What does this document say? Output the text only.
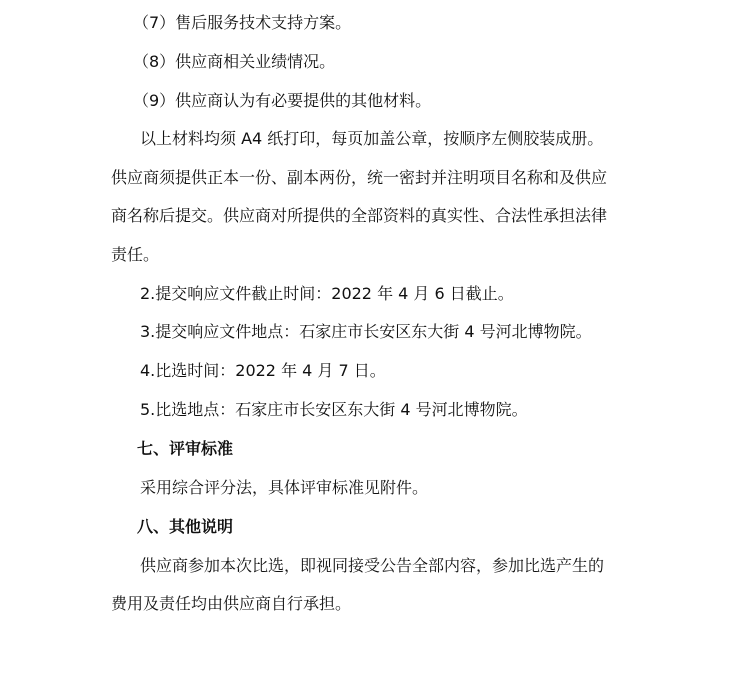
（7）售后服务技术支持方案。
（8）供应商相关业绩情况。
（9）供应商认为有必要提供的其他材料。
以上材料均须 A4 纸打印，每页加盖公章，按顺序左侧胶装成册。
供应商须提供正本一份、副本两份，统一密封并注明项目名称和及供应
商名称后提交。供应商对所提供的全部资料的真实性、合法性承担法律
责任。
2.提交响应文件截止时间：2022 年 4 月 6 日截止。
3.提交响应文件地点：石家庄市长安区东大街 4 号河北博物院。
4.比选时间：2022 年 4 月 7 日。
5.比选地点：石家庄市长安区东大街 4 号河北博物院。
七、评审标准
采用综合评分法，具体评审标准见附件。
八、其他说明
供应商参加本次比选，即视同接受公告全部内容，参加比选产生的
费用及责任均由供应商自行承担。
